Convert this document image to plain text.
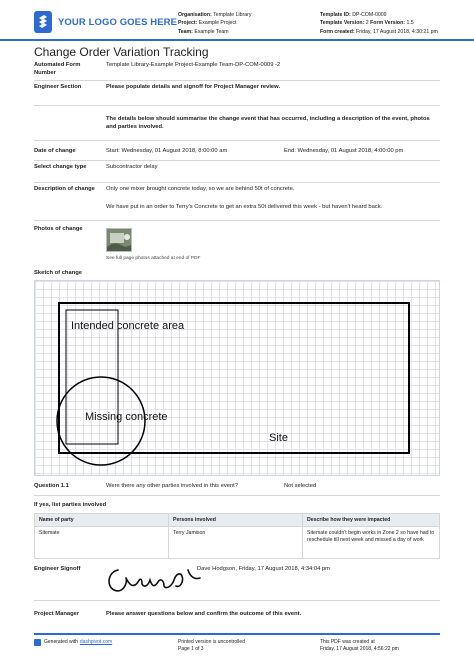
YOUR LOGO GOES HERE
Organisation: Template Library
Project: Example Project
Team: Example Team
Template ID: DP-COM-0009
Template Version: 2 Form Version: 1.5
Form created: Friday, 17 August 2018, 4:30:21 pm
Change Order Variation Tracking
Automated Form Number
Template Library-Example Project-Example Team-DP-COM-0009 -2
Engineer Section	Please populate details and signoff for Project Manager review.
The details below should summarise the change event that has occurred, including a description of the event, photos and parties involved.
Date of change	Start: Wednesday, 01 August 2018, 8:00:00 am	End: Wednesday, 01 August 2018, 4:00:00 pm
Select change type	Subcontractor delay
Description of change Only one mixer brought concrete today, so we are behind 50t of concrete.
We have put in an order to Terry's Concrete to get an extra 50t delivered this week - but haven't heard back.
Photos of change
See full page photos attached at end of PDF
Sketch of change
Intended concrete area
Missing concrete
Site
Question 1.1	Were there any other parties involved in this event?	Not selected
If yes, list parties involved
Name of party	Persons involved	Describe how they were impacted
Sitemate	Terry Jamison	Sitemate couldn't begin works in Zone 2 so have had to reschedule till next week and missed a day of work
Engineer Signoff	Dave Hodgson, Friday, 17 August 2018, 4:34:04 pm
Project Manager	Please answer questions below and confirm the outcome of this event.
Generated with dashpivot.com	Printed version is uncontrolled
Page 1 of 3
This PDF was created at
Friday, 17 August 2018, 4:56:22 pm
